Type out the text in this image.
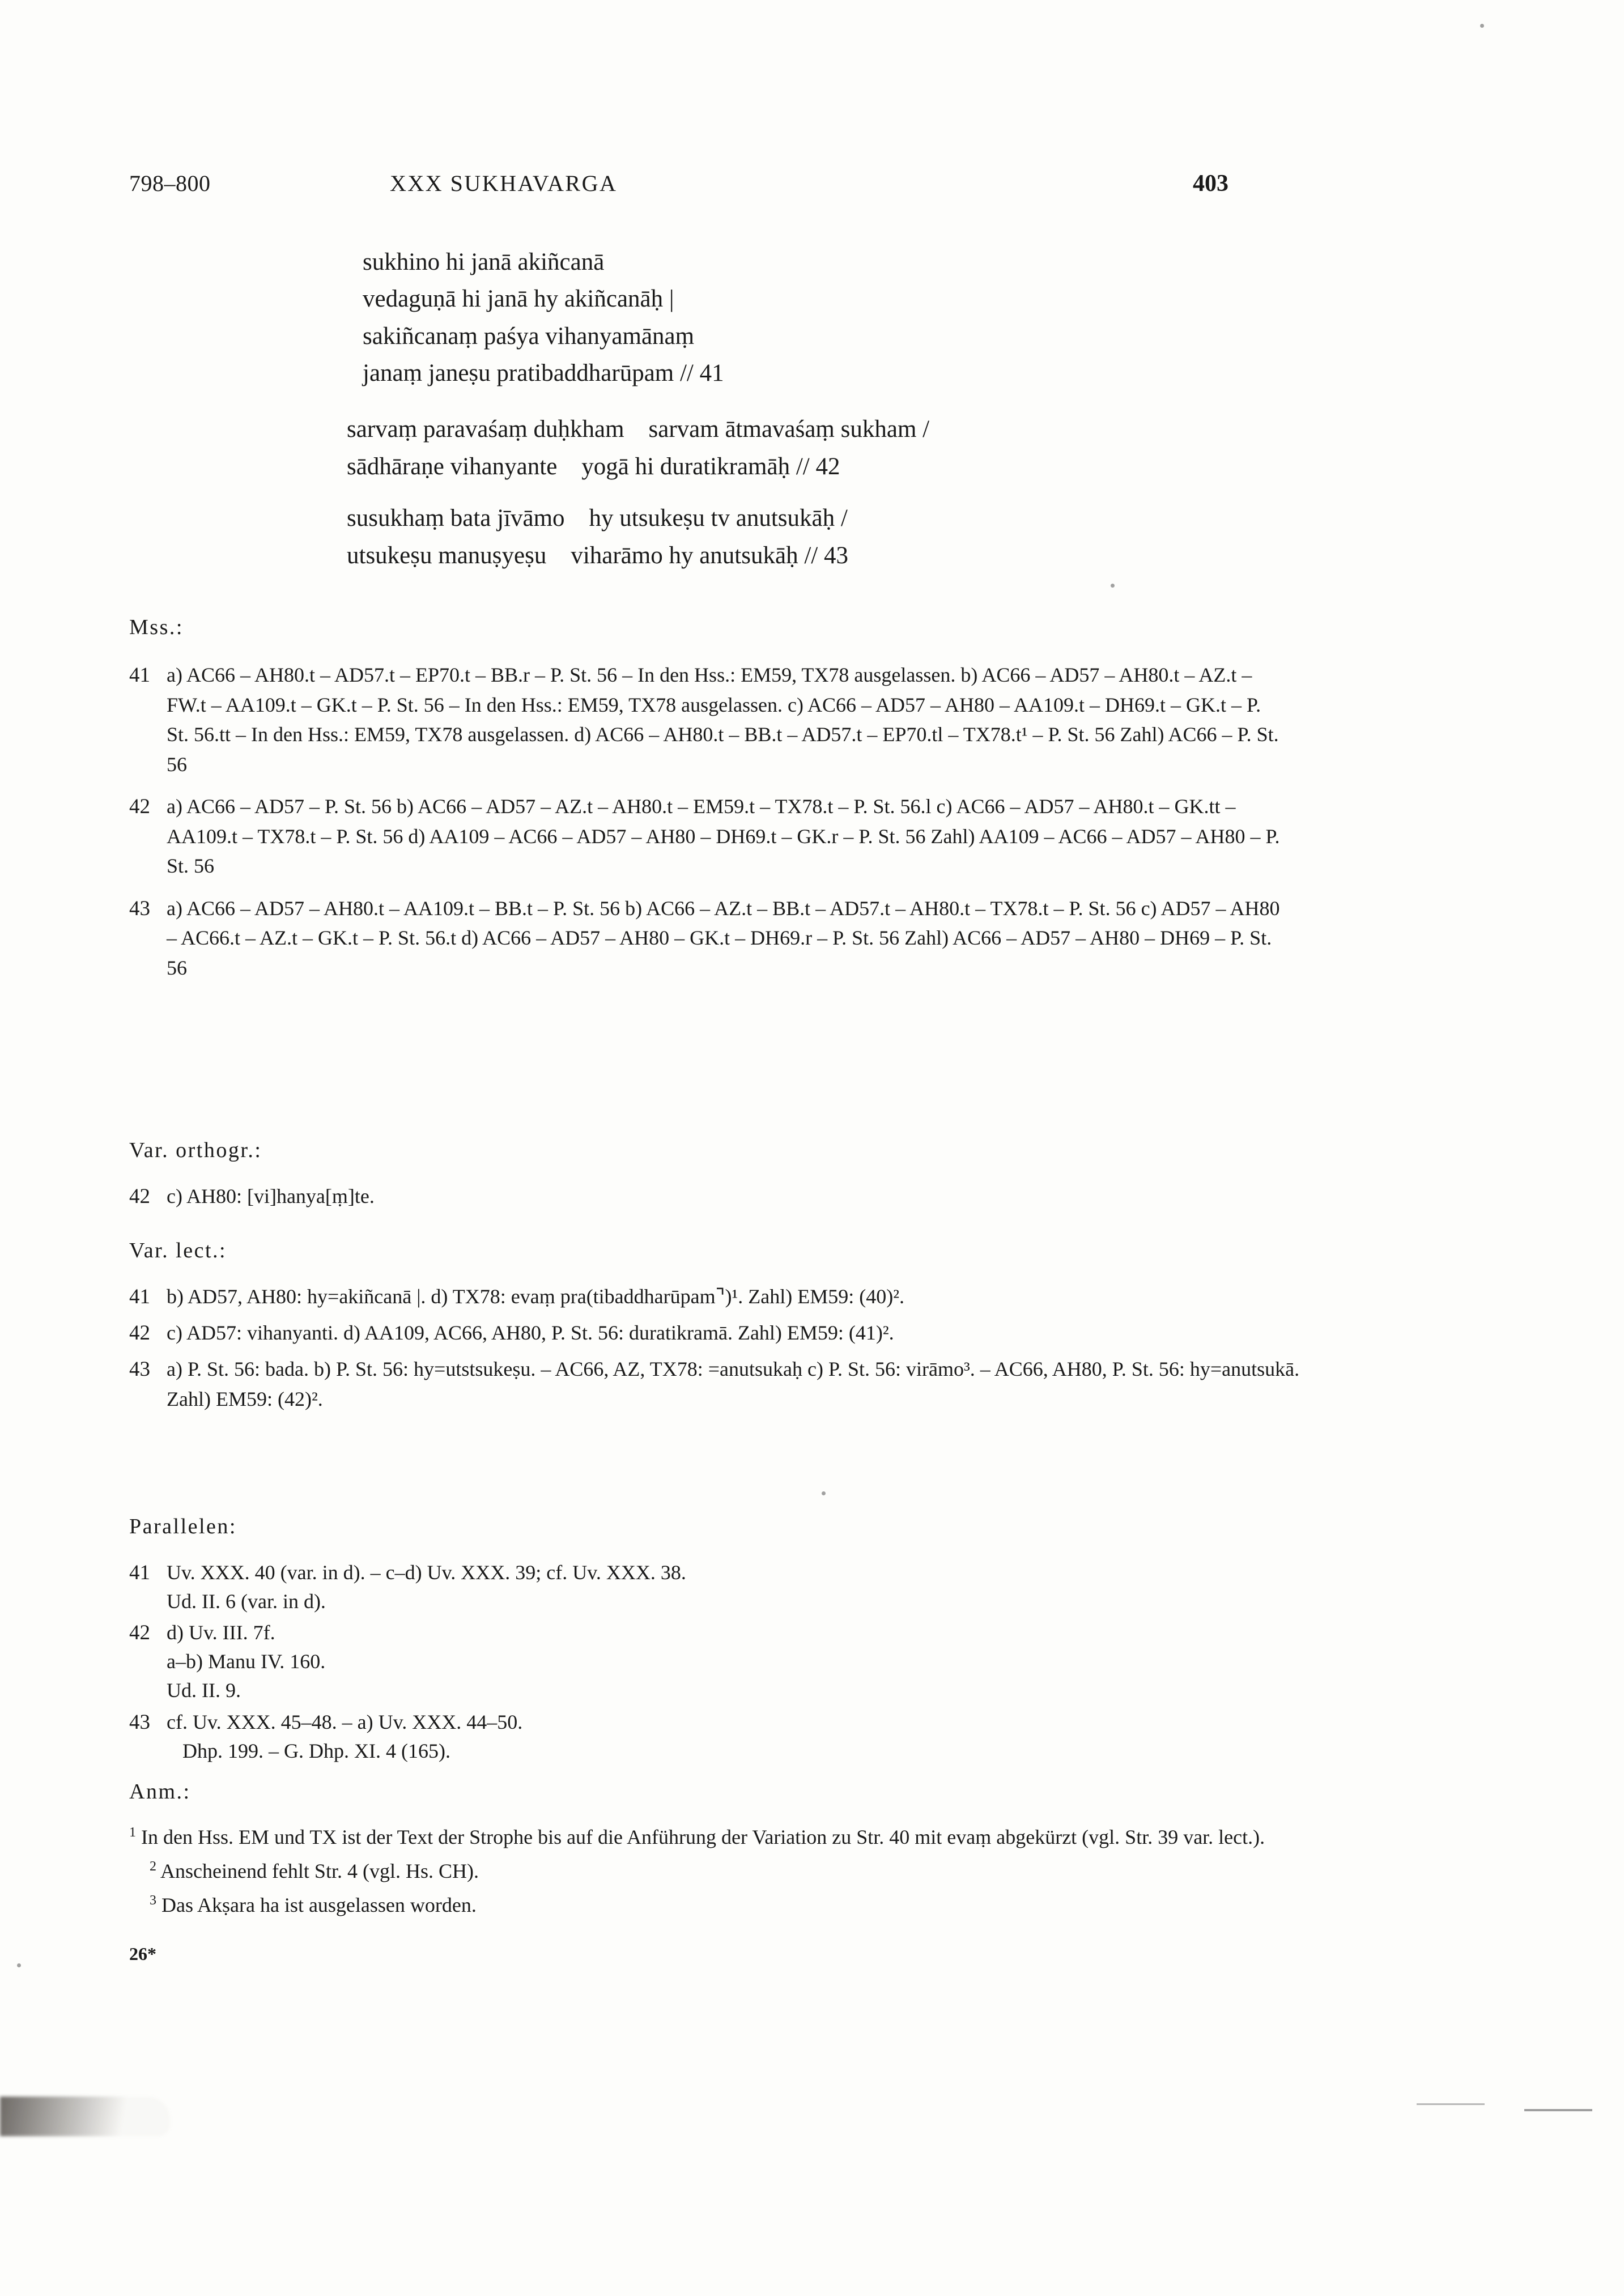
798–800	XXX SUKHAVARGA	403
sukhino hi janā akiñcanā
vedaguṇā hi janā hy akiñcanāḥ |
sakiñcanaṃ paśya vihanyamānaṃ
janaṃ janeṣu pratibaddharūpam // 41
sarvaṃ paravaśaṃ duḥkham    sarvam ātmavaśaṃ sukham /
sādhāraṇe vihanyante    yogā hi duratikramāḥ // 42
susukhaṃ bata jīvāmo    hy utsukeṣu tv anutsukāḥ /
utsukeṣu manuṣyeṣu    viharāmo hy anutsukāḥ // 43
Mss.:
41 a) AC66 – AH80.t – AD57.t – EP70.t – BB.r – P. St. 56 – In den Hss.: EM59, TX78 ausgelassen. b) AC66 – AD57 – AH80.t – AZ.t – FW.t – AA109.t – GK.t – P. St. 56 – In den Hss.: EM59, TX78 ausgelassen. c) AC66 – AD57 – AH80 – AA109.t – DH69.t – GK.t – P. St. 56.tt – In den Hss.: EM59, TX78 ausgelassen. d) AC66 – AH80.t – BB.t – AD57.t – EP70.tl – TX78.t¹ – P. St. 56 Zahl) AC66 – P. St. 56
42 a) AC66 – AD57 – P. St. 56 b) AC66 – AD57 – AZ.t – AH80.t – EM59.t – TX78.t – P. St. 56.l c) AC66 – AD57 – AH80.t – GK.tt – AA109.t – TX78.t – P. St. 56 d) AA109 – AC66 – AD57 – AH80 – DH69.t – GK.r – P. St. 56 Zahl) AA109 – AC66 – AD57 – AH80 – P. St. 56
43 a) AC66 – AD57 – AH80.t – AA109.t – BB.t – P. St. 56 b) AC66 – AZ.t – BB.t – AD57.t – AH80.t – TX78.t – P. St. 56 c) AD57 – AH80 – AC66.t – AZ.t – GK.t – P. St. 56.t d) AC66 – AD57 – AH80 – GK.t – DH69.r – P. St. 56 Zahl) AC66 – AD57 – AH80 – DH69 – P. St. 56
Var. orthogr.:
42 c) AH80: [vi]hanya[ṃ]te.
Var. lect.:
41 b) AD57, AH80: hy=akiñcanā |. d) TX78: evaṃ pra(tibaddharūpam⌝)¹. Zahl) EM59: (40)².
42 c) AD57: vihanyanti. d) AA109, AC66, AH80, P. St. 56: duratikramā. Zahl) EM59: (41)².
43 a) P. St. 56: bada. b) P. St. 56: hy=utstsukeṣu. – AC66, AZ, TX78: =anutsukaḥ c) P. St. 56: virāmo³. – AC66, AH80, P. St. 56: hy=anutsukā. Zahl) EM59: (42)².
Parallelen:
41 Uv. XXX. 40 (var. in d). – c–d) Uv. XXX. 39; cf. Uv. XXX. 38.
Ud. II. 6 (var. in d).
42 d) Uv. III. 7f.
a–b) Manu IV. 160.
Ud. II. 9.
43 cf. Uv. XXX. 45–48. – a) Uv. XXX. 44–50.
Dhp. 199. – G. Dhp. XI. 4 (165).
Anm.:

$^1$ In den Hss. EM und TX ist der Text der Strophe bis auf die Anführung der Variation zu Str. 40 mit evaṃ abgekürzt (vgl. Str. 39 var. lect.).

$^2$ Anscheinend fehlt Str. 4 (vgl. Hs. CH).

$^3$ Das Akṣara ha ist ausgelassen worden.

26*
